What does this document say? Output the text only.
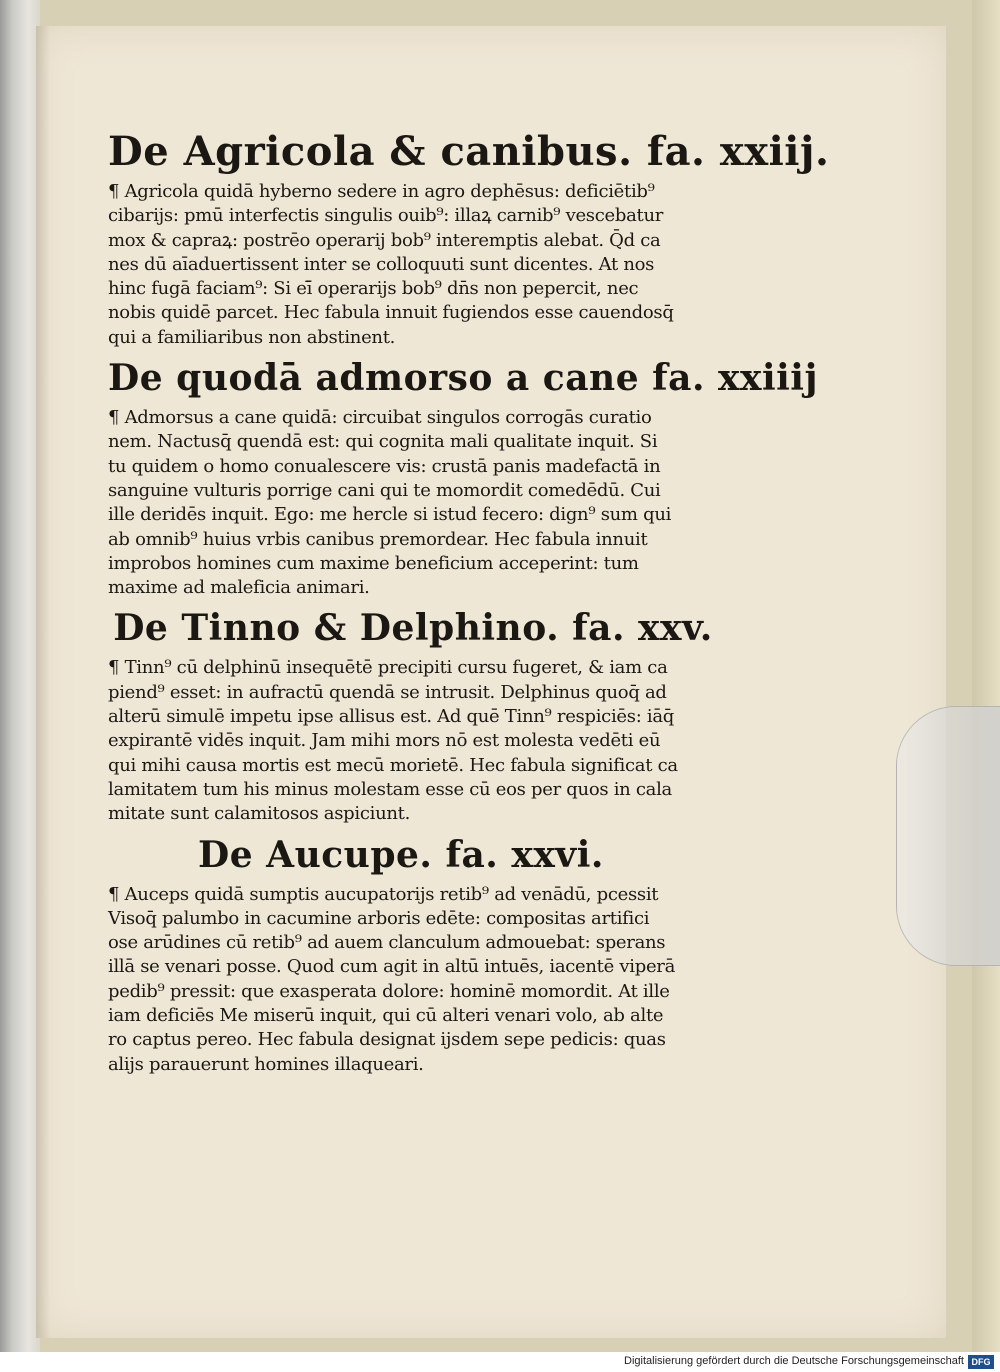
De Agricola & canibus. fa. xxiij.
¶ Agricola quidā hyberno sedere in agro dephēsus: deficiētib⁹
cibarijs: pmū interfectis singulis ouib⁹: illaꝝ carnib⁹ vescebatur
mox & capraꝝ: postrēo operarij bob⁹ interemptis alebat. Q̄d ca
nes dū aīaduertissent inter se colloquuti sunt dicentes. At nos
hinc fugā faciam⁹: Si eī̄ operarijs bob⁹ dn̄s non pepercit, nec
nobis quidē parcet. Hec fabula innuit fugiendos esse cauendosq̄
qui a familiaribus non abstinent.
De quodā admorso a cane fa. xxiiij
¶ Admorsus a cane quidā: circuibat singulos corrogās curatio
nem. Nactusq̄ quendā est: qui cognita mali qualitate inquit. Si
tu quidem o homo conualescere vis: crustā panis madefactā in
sanguine vulturis porrige cani qui te momordit comedēdū. Cui
ille deridēs inquit. Ego: me hercle si istud fecero: dign⁹ sum qui
ab omnib⁹ huius vrbis canibus premordear. Hec fabula innuit
improbos homines cum maxime beneficium acceperint: tum
maxime ad maleficia animari.
De Tinno & Delphino. fa. xxv.
¶ Tinn⁹ cū delphinū insequētē precipiti cursu fugeret, & iam ca
piend⁹ esset: in aufractū quendā se intrusit. Delphinus quoq̄ ad
alterū simulē impetu ipse allisus est. Ad quē Tinn⁹ respiciēs: iāq̄
expirantē vidēs inquit. Jam mihi mors nō est molesta vedēti eū
qui mihi causa mortis est mecū morietē. Hec fabula significat ca
lamitatem tum his minus molestam esse cū eos per quos in cala
mitate sunt calamitosos aspiciunt.
De Aucupe. fa. xxvi.
¶ Auceps quidā sumptis aucupatorijs retib⁹ ad venādū, pcessit
Visoq̄ palumbo in cacumine arboris edēte: compositas artifici
ose arūdines cū retib⁹ ad auem clanculum admouebat: sperans
illā se venari posse. Quod cum agit in altū intuēs, iacentē viperā
pedib⁹ pressit: que exasperata dolore: hominē momordit. At ille
iam deficiēs Me miserū inquit, qui cū alteri venari volo, ab alte
ro captus pereo. Hec fabula designat ijsdem sepe pedicis: quas
alijs parauerunt homines illaqueari.
Digitalisierung gefördert durch die Deutsche Forschungsgemeinschaft DFG
